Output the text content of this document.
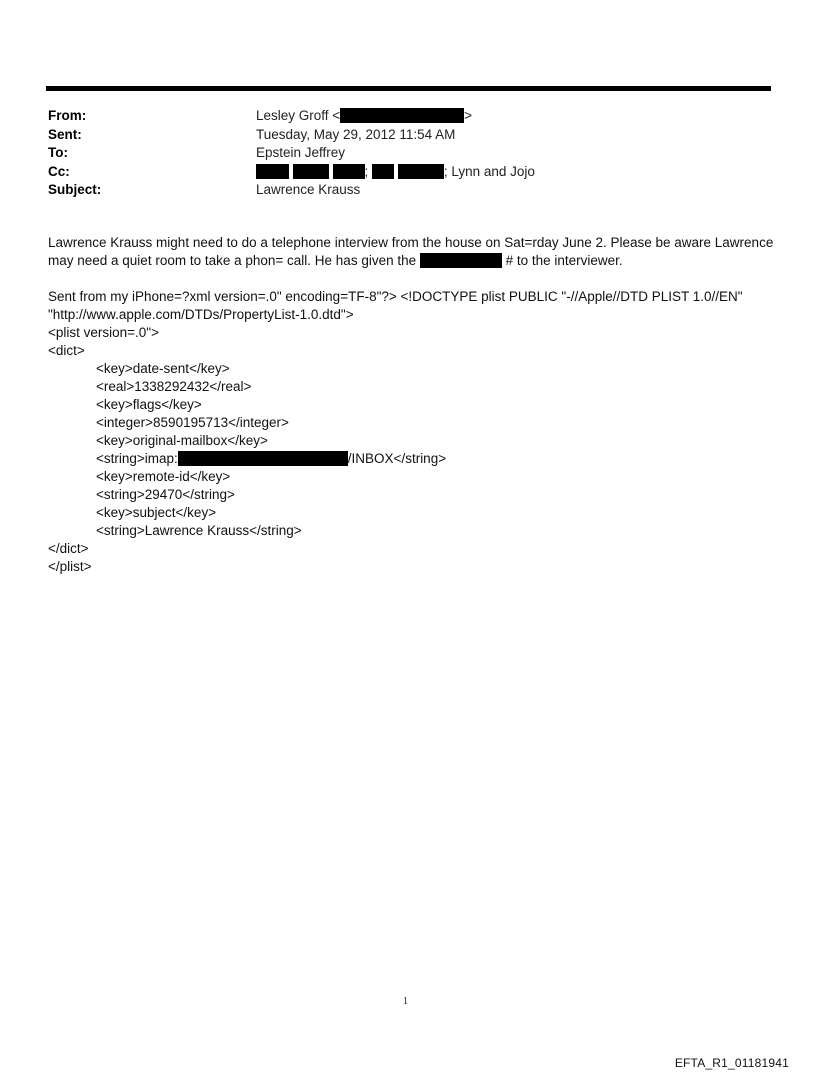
From:	Lesley Groff <	>
Sent:	Tuesday, May 29, 2012 11:54 AM
To:	Epstein Jeffrey
Cc:	;	; Lynn and Jojo
Subject:	Lawrence Krauss
Lawrence Krauss might need to do a telephone interview from the house on Sat=rday June 2. Please be aware Lawrence
may need a quiet room to take a phon= call. He has given the	# to the interviewer.
Sent from my iPhone=?xml version=.0" encoding=TF-8"?> <!DOCTYPE plist PUBLIC "-//Apple//DTD PLIST 1.0//EN"
"http://www.apple.com/DTDs/PropertyList-1.0.dtd">
<plist version=.0">
<dict>
<key>date-sent</key>
<real>1338292432</real>
<key>flags</key>
<integer>8590195713</integer>
<key>original-mailbox</key>
<string>imap:	/INBOX</string>
<key>remote-id</key>
<string>29470</string>
<key>subject</key>
<string>Lawrence Krauss</string>
</dict>
</plist>
1
EFTA_R1_01181941
